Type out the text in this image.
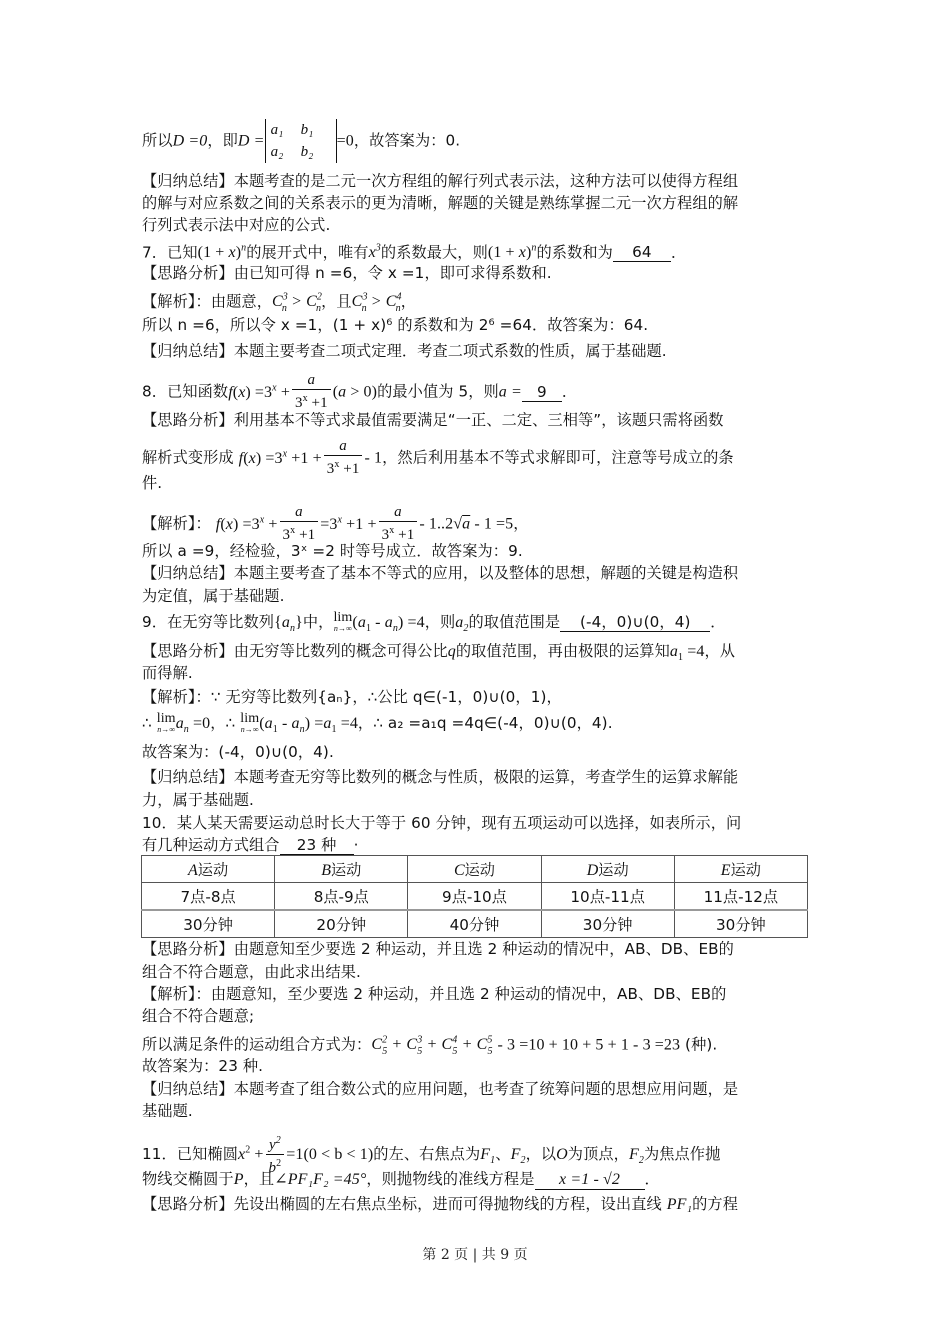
所以D =0，即D =a₁ b₁
a₂ b₂=0，故答案为：0.
【归纳总结】本题考查的是二元一次方程组的解行列式表示法，这种方法可以使得方程组
的解与对应系数之间的关系表示的更为清晰，解题的关键是熟练掌握二元一次方程组的解
行列式表示法中对应的公式.
7．已知$(1 + x)^n$的展开式中，唯有$x^3$的系数最大，则$(1 + x)^n$的系数和为 64 ．
【思路分析】由已知可得 n =6，令 x =1，即可求得系数和.
【解析】：由题意，$C^3_n > C^2_n$，且$C^3_n > C^4_n$，
所以 n =6，所以令 x =1，(1 + x)⁶ 的系数和为 2⁶ =64．故答案为：64.
【归纳总结】本题主要考查二项式定理．考查二项式系数的性质，属于基础题.
8．已知函数$f(x) =3^x + \frac{a}{3^x +1} (a > 0)$的最小值为 5，则a = 9 ．
【思路分析】利用基本不等式求最值需要满足“一正、二定、三相等”，该题只需将函数
解析式变形成 $f(x) =3^x +1 + \frac{a}{3^x +1} - 1$，然后利用基本不等式求解即可，注意等号成立的条
件.
【解析】： $f(x) =3^x + \frac{a}{3^x +1} =3^x +1 + \frac{a}{3^x +1} - 1..2√a - 1 =5$，
所以 a =9，经检验，3ˣ =2 时等号成立．故答案为：9.
【归纳总结】本题主要考查了基本不等式的应用，以及整体的思想，解题的关键是构造积
为定值，属于基础题.
9．在无穷等比数列$\{a_n\}$中，lim
n→∞ $(a_1 - a_n) =4$，则$a_2$的取值范围是 (-4，0)∪(0，4) ．
【思路分析】由无穷等比数列的概念可得公比q的取值范围，再由极限的运算知$a_1 =4$，从
而得解.
【解析】：∵ 无穷等比数列{aₙ}，∴公比 q∈(-1，0)∪(0，1)，
∴ lim
n→∞ $a_n =0$，∴ lim
n→∞ $(a_1 - a_n) =a_1 =4$，∴ a₂ =a₁q =4q∈(-4，0)∪(0，4).
故答案为：(-4，0)∪(0，4).
【归纳总结】本题考查无穷等比数列的概念与性质，极限的运算，考查学生的运算求解能
力，属于基础题.
10．某人某天需要运动总时长大于等于 60 分钟，现有五项运动可以选择，如表所示，问
有几种运动方式组合 23 种 ·
A运动	B运动	C运动	D运动	E运动
7点-8点	8点-9点	9点-10点	10点-11点	11点-12点
30分钟	20分钟	40分钟	30分钟	30分钟
【思路分析】由题意知至少要选 2 种运动，并且选 2 种运动的情况中，AB、DB、EB的
组合不符合题意，由此求出结果.
【解析】：由题意知，至少要选 2 种运动，并且选 2 种运动的情况中，AB、DB、EB的
组合不符合题意;
所以满足条件的运动组合方式为：$C^2_5 + C^3_5 + C^4_5 + C^5_5 - 3 =10 + 10 + 5 + 1 - 3 =23$ (种).
故答案为：23 种.
【归纳总结】本题考查了组合数公式的应用问题，也考查了统筹问题的思想应用问题，是
基础题.
11．已知椭圆$x^2 + \frac{y^2}{b^2} =1(0 < b < 1)$的左、右焦点为$F_1$、$F_2$，以O为顶点，$F_2$为焦点作抛
物线交椭圆于P，且∠PF₁F₂ =45°，则抛物线的准线方程是 x =1 - √2 ．
【思路分析】先设出椭圆的左右焦点坐标，进而可得抛物线的方程，设出直线 PF₁的方程
第 2 页 | 共 9 页
